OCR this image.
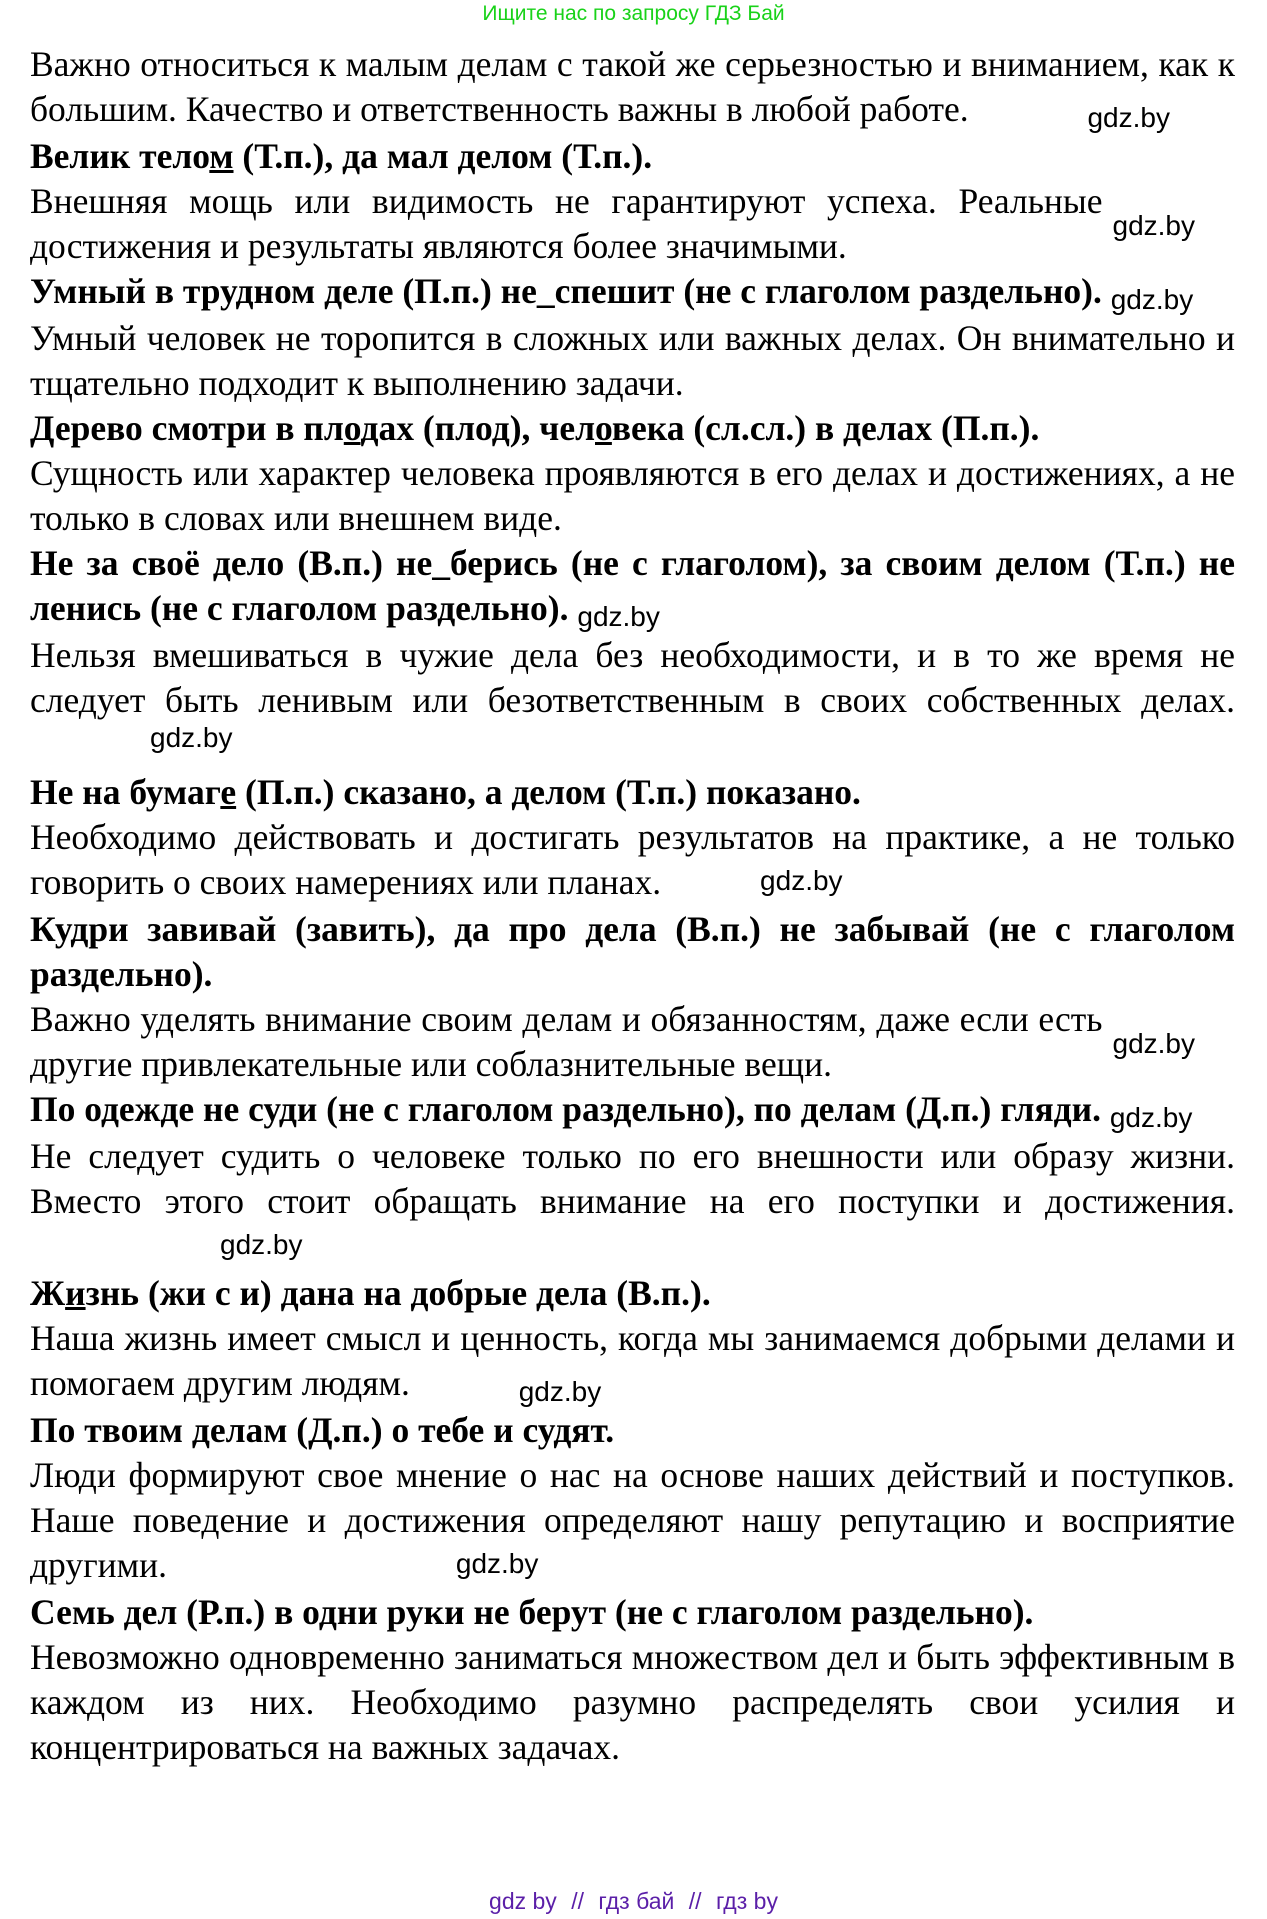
Ищите нас по запросу ГДЗ Бай

Важно относиться к малым делам с такой же серьезностью и вниманием, как к большим. Качество и ответственность важны в любой работе.	gdz.by

Велик телом (Т.п.), да мал делом (Т.п.).

gdz.by
Внешняя мощь или видимость не гарантируют успеха. Реальные достижения и результаты являются более значимыми.

Умный в трудном деле (П.п.) не_спешит (не с глаголом раздельно). gdz.by

Умный человек не торопится в сложных или важных делах. Он внимательно и тщательно подходит к выполнению задачи.

Дерево смотри в плодах (плод), человека (сл.сл.) в делах (П.п.).

Сущность или характер человека проявляются в его делах и достижениях, а не только в словах или внешнем виде.

Не за своё дело (В.п.) не_берись (не с глаголом), за своим делом (Т.п.) не ленись (не с глаголом раздельно). gdz.by

Нельзя вмешиваться в чужие дела без необходимости, и в то же время не следует быть ленивым или безответственным в своих собственных делах. $^{gdz.by}$

Не на бумаге (П.п.) сказано, а делом (Т.п.) показано.

Необходимо действовать и достигать результатов на практике, а не только говорить о своих намерениях или планах.	gdz.by

Кудри завивай (завить), да про дела (В.п.) не забывай (не с глаголом раздельно).

gdz.by
Важно уделять внимание своим делам и обязанностям, даже если есть другие привлекательные или соблазнительные вещи.

По одежде не суди (не с глаголом раздельно), по делам (Д.п.) гляди. gdz.by

Не следует судить о человеке только по его внешности или образу жизни. Вместо этого стоит обращать внимание на его поступки и достижения. gdz.by

Жизнь (жи с и) дана на добрые дела (В.п.).

Наша жизнь имеет смысл и ценность, когда мы занимаемся добрыми делами и помогаем другим людям.	gdz.by

По твоим делам (Д.п.) о тебе и судят.

Люди формируют свое мнение о нас на основе наших действий и поступков. Наше поведение и достижения определяют нашу репутацию и восприятие другими.	gdz.by

Семь дел (Р.п.) в одни руки не берут (не с глаголом раздельно).

Невозможно одновременно заниматься множеством дел и быть эффективным в каждом из них. Необходимо разумно распределять свои усилия и концентрироваться на важных задачах.

gdz by // гдз бай // гдз by
